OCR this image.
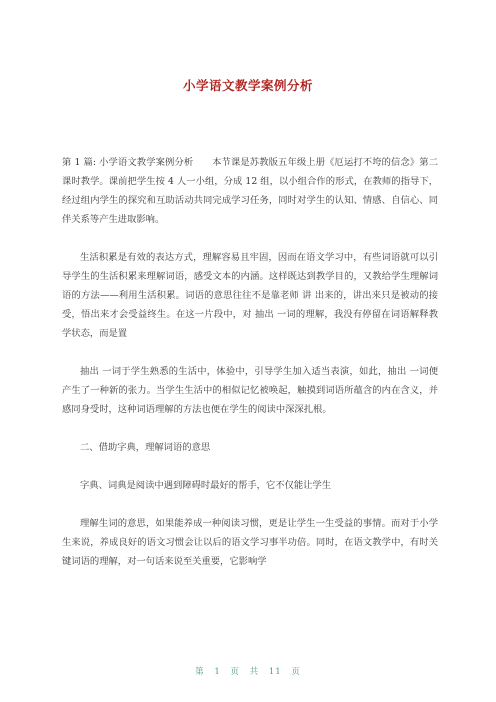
小学语文教学案例分析

第 1 篇: 小学语文教学案例分析　　本节课是苏教版五年级上册《厄运打不垮的信念》第二课时教学。课前把学生按 4 人一小组，分成 12 组，以小组合作的形式，在教师的指导下，经过组内学生的探究和互助活动共同完成学习任务，同时对学生的认知、情感、自信心、同伴关系等产生进取影响。

生活积累是有效的表达方式，理解容易且牢固，因而在语文学习中，有些词语就可以引导学生的生活积累来理解词语，感受文本的内涵。这样既达到教学目的，又教给学生理解词语的方法——利用生活积累。词语的意思往往不是靠老师 讲 出来的，讲出来只是被动的接受，悟出来才会受益终生。在这一片段中，对 抽出 一词的理解，我没有停留在词语解释教学状态，而是置

抽出 一词于学生熟悉的生活中，体验中，引导学生加入适当表演，如此，抽出 一词便产生了一种新的张力。当学生生活中的相似记忆被唤起，触摸到词语所蕴含的内在含义，并感同身受时，这种词语理解的方法也便在学生的阅读中深深扎根。

二、借助字典，理解词语的意思

字典、词典是阅读中遇到障碍时最好的帮手，它不仅能让学生

理解生词的意思，如果能养成一种阅读习惯，更是让学生一生受益的事情。而对于小学生来说，养成良好的语文习惯会让以后的语文学习事半功倍。同时，在语文教学中，有时关键词语的理解，对一句话来说至关重要，它影响学

第 1 页 共 11 页
